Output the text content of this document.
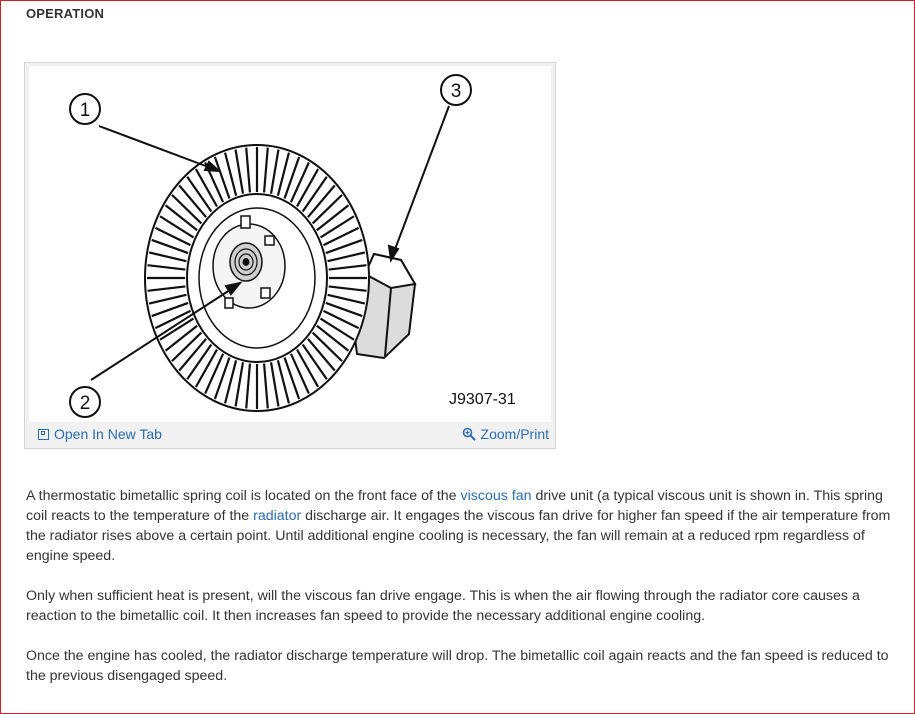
OPERATION
1
2
3
J9307-31
Open In New Tab	Zoom/Print

A thermostatic bimetallic spring coil is located on the front face of the viscous fan drive unit (a typical viscous unit is shown in. This spring coil reacts to the temperature of the radiator discharge air. It engages the viscous fan drive for higher fan speed if the air temperature from the radiator rises above a certain point. Until additional engine cooling is necessary, the fan will remain at a reduced rpm regardless of engine speed.

Only when sufficient heat is present, will the viscous fan drive engage. This is when the air flowing through the radiator core causes a reaction to the bimetallic coil. It then increases fan speed to provide the necessary additional engine cooling.

Once the engine has cooled, the radiator discharge temperature will drop. The bimetallic coil again reacts and the fan speed is reduced to the previous disengaged speed.
